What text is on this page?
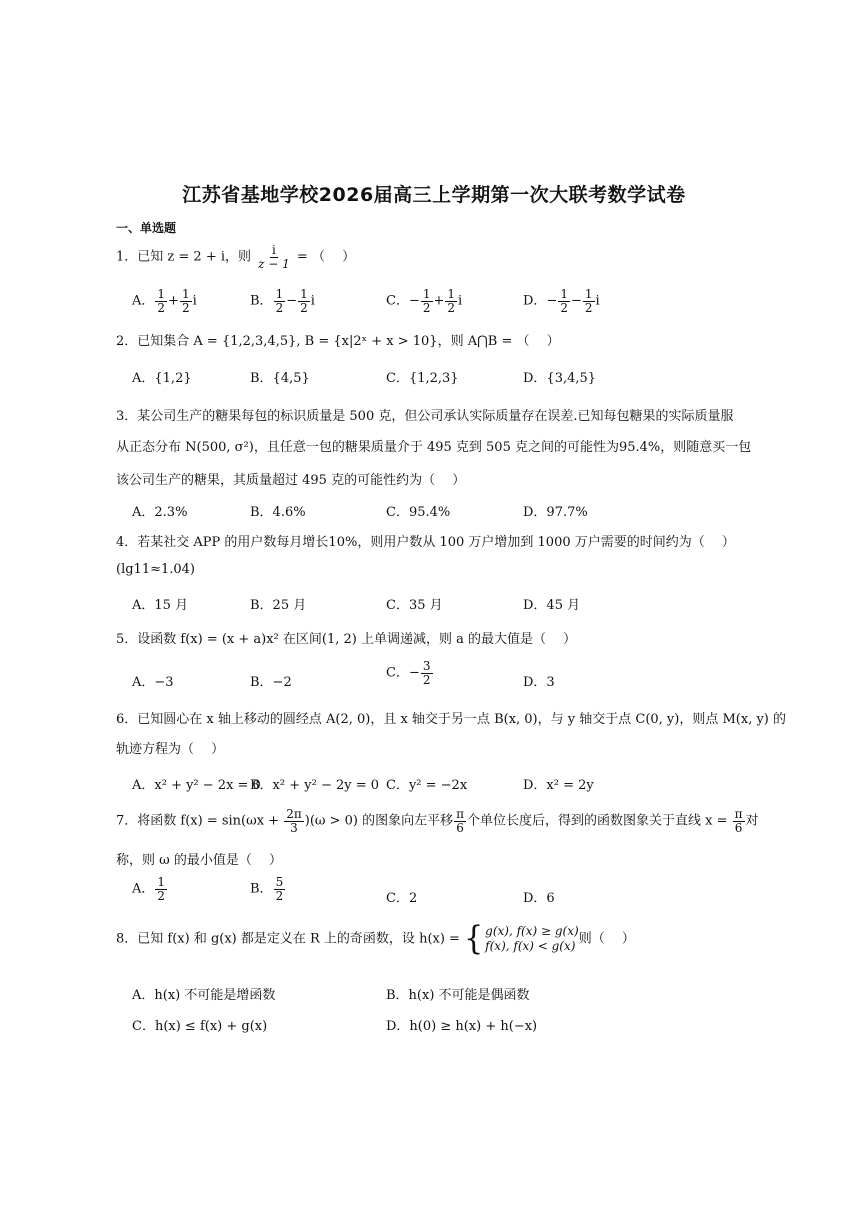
江苏省基地学校2026届高三上学期第一次大联考数学试卷
一、单选题
1．已知 z = 2 + i，则 $\frac{i}{z - 1}$ = （　 ）
A． $\frac{1}{2} + \frac{1}{2}$ i	B． $\frac{1}{2} - \frac{1}{2}$ i	C．− $\frac{1}{2} + \frac{1}{2}$ i	D．− $\frac{1}{2} - \frac{1}{2}$ i
2．已知集合 A = {1,2,3,4,5}, B = {x|2ˣ + x > 10}，则 A⋂B = （　 ）
A．{1,2}	B．{4,5}	C．{1,2,3}	D．{3,4,5}
3．某公司生产的糖果每包的标识质量是 500 克，但公司承认实际质量存在误差.已知每包糖果的实际质量服
从正态分布 N(500, σ²)，且任意一包的糖果质量介于 495 克到 505 克之间的可能性为95.4%，则随意买一包
该公司生产的糖果，其质量超过 495 克的可能性约为（　 ）
A．2.3%	B．4.6%	C．95.4%	D．97.7%
4．若某社交 APP 的用户数每月增长10%，则用户数从 100 万户增加到 1000 万户需要的时间约为（　 ）
(lg11≈1.04)
A．15 月	B．25 月	C．35 月	D．45 月
5．设函数 f(x) = (x + a)x² 在区间(1, 2) 上单调递减，则 a 的最大值是（　 ）
A．−3	B．−2
C．− $\frac{3}{2}$	D．3
6．已知圆心在 x 轴上移动的圆经点 A(2, 0)，且 x 轴交于另一点 B(x, 0)，与 y 轴交于点 C(0, y)，则点 M(x, y) 的
轨迹方程为（　 ）
A．x² + y² − 2x = 0
B．x² + y² − 2y = 0 C．y² = −2x	D．x² = 2y
7．将函数 $f(x) = \sin(\omega x + \frac{2\pi}{3} )(\omega > 0)$ 的图象向左平移 $\frac{\pi}{6}$ 个单位长度后，得到的函数图象关于直线 $x = \frac{\pi}{6}$ 对
称，则 ω 的最小值是（　 ）
A． $\frac{1}{2}$	B． $\frac{5}{2}$	C．2	D．6
8．已知 f(x) 和 g(x) 都是定义在 R 上的奇函数，设 h(x) = { g(x), f(x) ≥ g(x)
f(x), f(x) < g(x) 则（　 ）
A．h(x) 不可能是增函数	B．h(x) 不可能是偶函数
C．h(x) ≤ f(x) + g(x)	D．h(0) ≥ h(x) + h(−x)
